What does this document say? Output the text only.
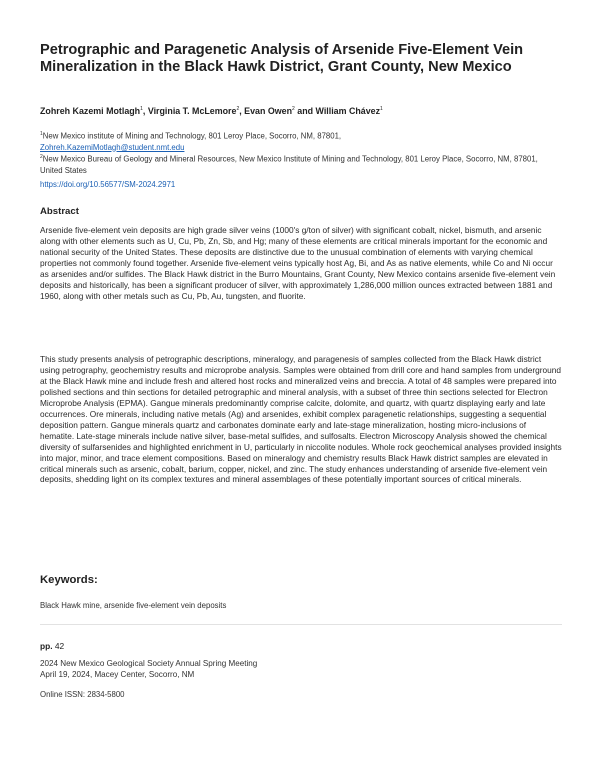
Petrographic and Paragenetic Analysis of Arsenide Five-Element Vein Mineralization in the Black Hawk District, Grant County, New Mexico
Zohreh Kazemi Motlagh$^1$, Virginia T. McLemore$^2$, Evan Owen$^2$ and William Chávez$^1$
$^1$New Mexico institute of Mining and Technology, 801 Leroy Place, Socorro, NM, 87801,
Zohreh.KazemiMotlagh@student.nmt.edu
$^2$New Mexico Bureau of Geology and Mineral Resources, New Mexico Institute of Mining and Technology, 801 Leroy Place, Socorro, NM, 87801, United States
https://doi.org/10.56577/SM-2024.2971
Abstract

Arsenide five-element vein deposits are high grade silver veins (1000's g/ton of silver) with significant cobalt, nickel, bismuth, and arsenic along with other elements such as U, Cu, Pb, Zn, Sb, and Hg; many of these elements are critical minerals important for the economic and national security of the United States. These deposits are distinctive due to the unusual combination of elements with varying chemical properties not commonly found together. Arsenide five-element veins typically host Ag, Bi, and As as native elements, while Co and Ni occur as arsenides and/or sulfides. The Black Hawk district in the Burro Mountains, Grant County, New Mexico contains arsenide five-element vein deposits and historically, has been a significant producer of silver, with approximately 1,286,000 million ounces extracted between 1881 and 1960, along with other metals such as Cu, Pb, Au, tungsten, and fluorite.

This study presents analysis of petrographic descriptions, mineralogy, and paragenesis of samples collected from the Black Hawk district using petrography, geochemistry results and microprobe analysis. Samples were obtained from drill core and hand samples from underground at the Black Hawk mine and include fresh and altered host rocks and mineralized veins and breccia. A total of 48 samples were prepared into polished sections and thin sections for detailed petrographic and mineral analysis, with a subset of three thin sections selected for Electron Microprobe Analysis (EPMA). Gangue minerals predominantly comprise calcite, dolomite, and quartz, with quartz displaying early and late occurrences. Ore minerals, including native metals (Ag) and arsenides, exhibit complex paragenetic relationships, suggesting a sequential deposition pattern. Gangue minerals quartz and carbonates dominate early and late-stage mineralization, hosting micro-inclusions of hematite. Late-stage minerals include native silver, base-metal sulfides, and sulfosalts. Electron Microscopy Analysis showed the chemical diversity of sulfarsenides and highlighted enrichment in U, particularly in niccolite nodules. Whole rock geochemical analyses provided insights into major, minor, and trace element compositions. Based on mineralogy and chemistry results Black Hawk district samples are elevated in critical minerals such as arsenic, cobalt, barium, copper, nickel, and zinc. The study enhances understanding of arsenide five-element vein deposits, shedding light on its complex textures and mineral assemblages of these potentially important sources of critical minerals.

Keywords:
Black Hawk mine, arsenide five-element vein deposits
pp. 42
2024 New Mexico Geological Society Annual Spring Meeting
April 19, 2024, Macey Center, Socorro, NM
Online ISSN: 2834-5800
